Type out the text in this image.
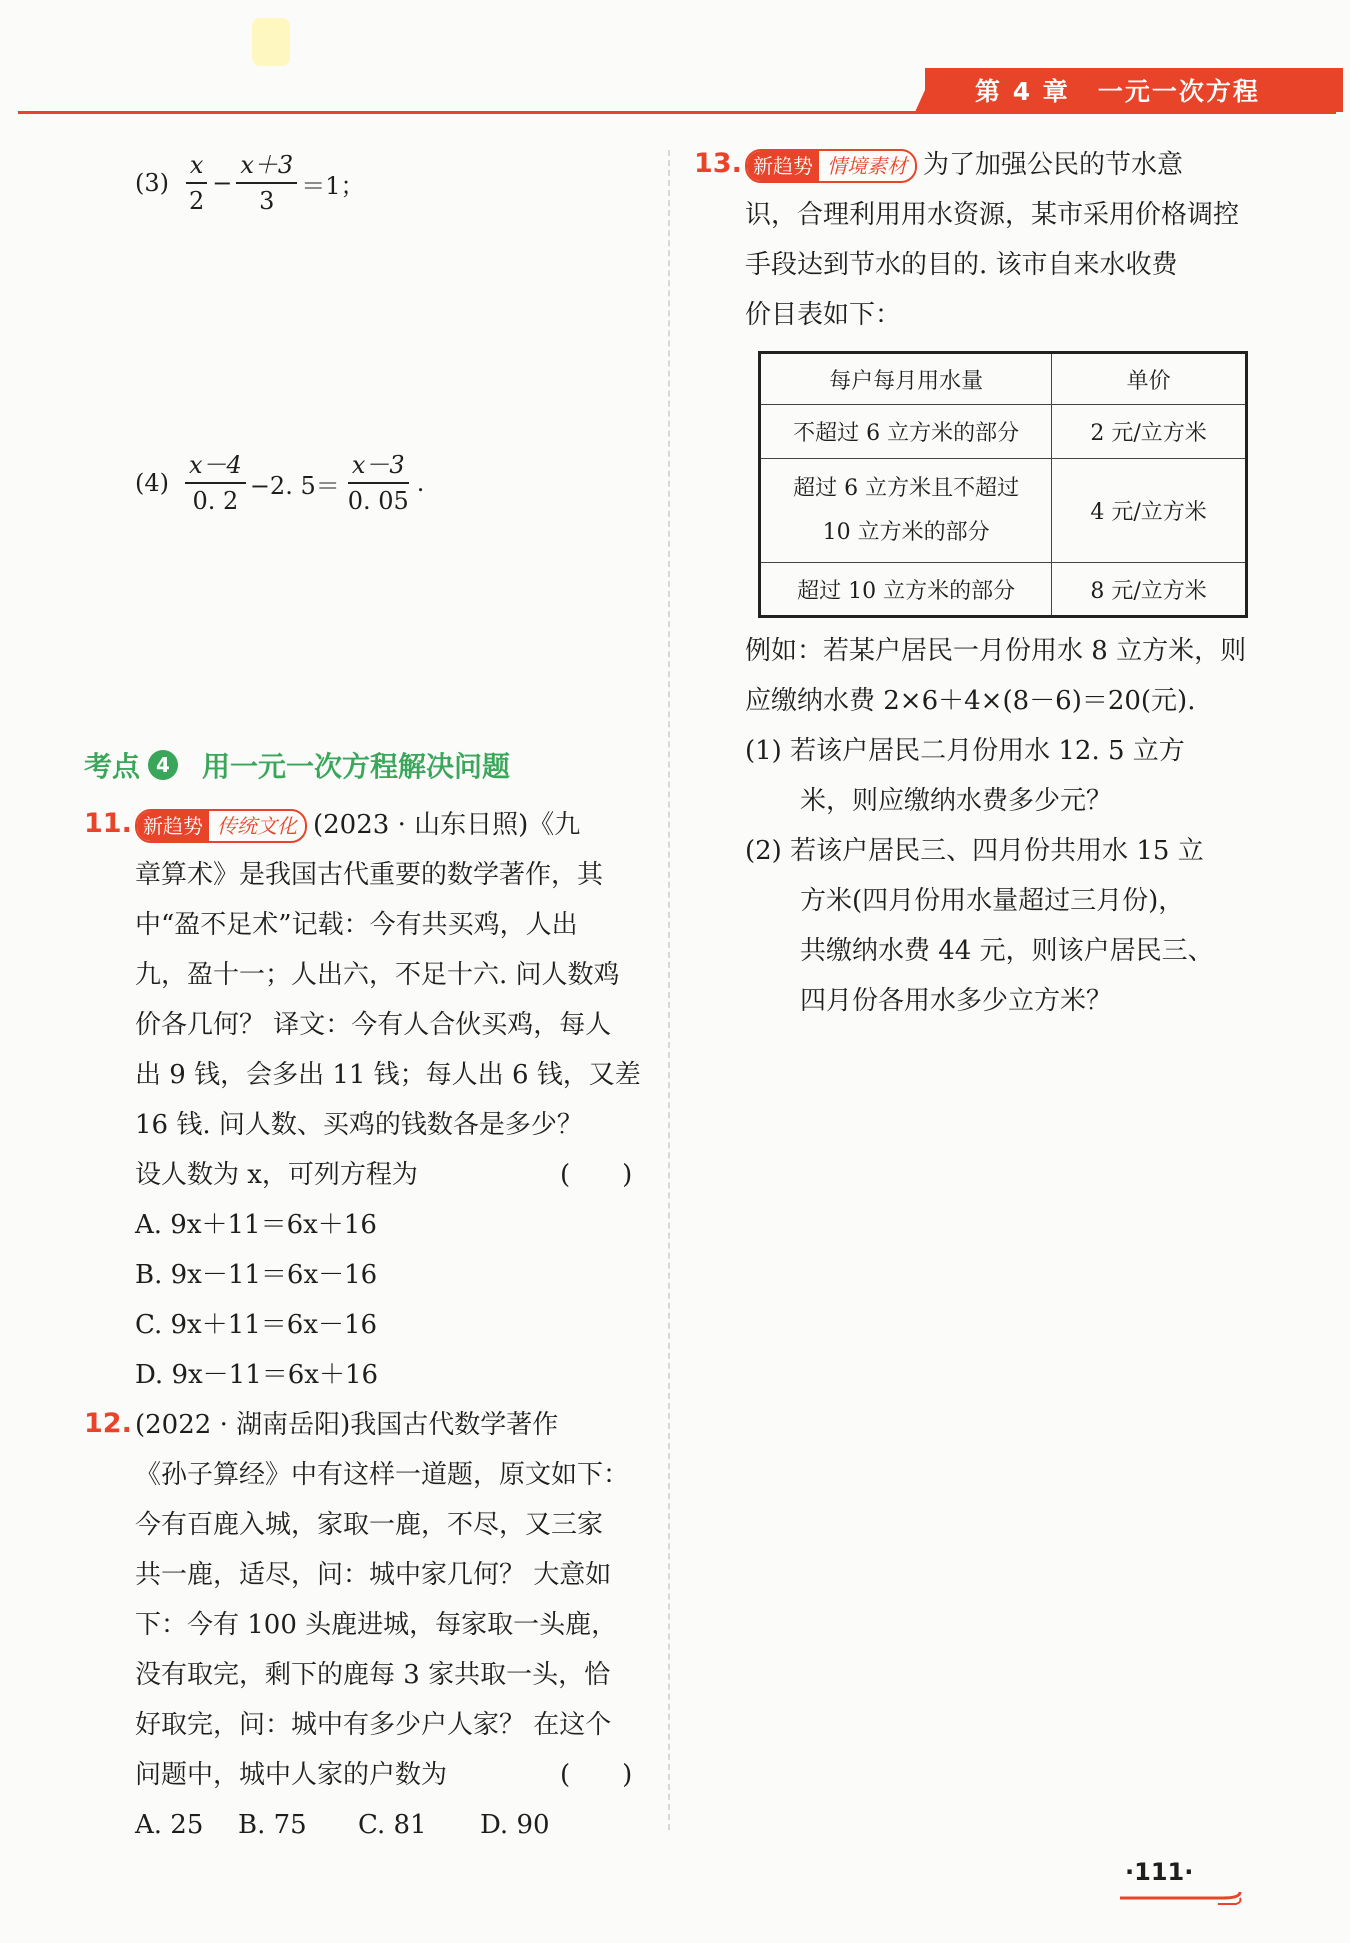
第 4 章 一元一次方程
$(3) \frac{x}{2} - \frac{x+3}{3} =1$；
$(4) \frac{x-4}{0. 2} -2$. $5= \frac{x-3}{0. 05}$ .
考点 4 用一元一次方程解决问题
11. 新趋势 传统文化 (2023 · 山东日照)《九
章算术》是我国古代重要的数学著作，其
中“盈不足术”记载：今有共买鸡，人出
九，盈十一；人出六，不足十六. 问人数鸡
价各几何？ 译文：今有人合伙买鸡，每人
出 9 钱，会多出 11 钱；每人出 6 钱，又差
16 钱. 问人数、买鸡的钱数各是多少？
设人数为 x，可列方程为	(　　)
A. 9x＋11＝6x＋16
B. 9x－11＝6x－16
C. 9x＋11＝6x－16
D. 9x－11＝6x＋16
12. (2022 · 湖南岳阳)我国古代数学著作
《孙子算经》中有这样一道题，原文如下：
今有百鹿入城，家取一鹿，不尽，又三家
共一鹿，适尽，问：城中家几何？ 大意如
下：今有 100 头鹿进城，每家取一头鹿，
没有取完，剩下的鹿每 3 家共取一头，恰
好取完，问：城中有多少户人家？ 在这个
问题中，城中人家的户数为	(　　)
A. 25 B. 75 C. 81 D. 90
13. 新趋势 情境素材 为了加强公民的节水意
识，合理利用用水资源，某市采用价格调控
手段达到节水的目的. 该市自来水收费
价目表如下：
每户每月用水量	单价
不超过 6 立方米的部分	2 元/立方米

超过 6 立方米且不超过
10 立方米的部分	4 元/立方米
超过 10 立方米的部分	8 元/立方米
例如：若某户居民一月份用水 8 立方米，则
应缴纳水费 2×6＋4×(8－6)＝20(元).
(1) 若该户居民二月份用水 12. 5 立方
米，则应缴纳水费多少元？
(2) 若该户居民三、四月份共用水 15 立
方米(四月份用水量超过三月份)，
共缴纳水费 44 元，则该户居民三、
四月份各用水多少立方米？
·111·
